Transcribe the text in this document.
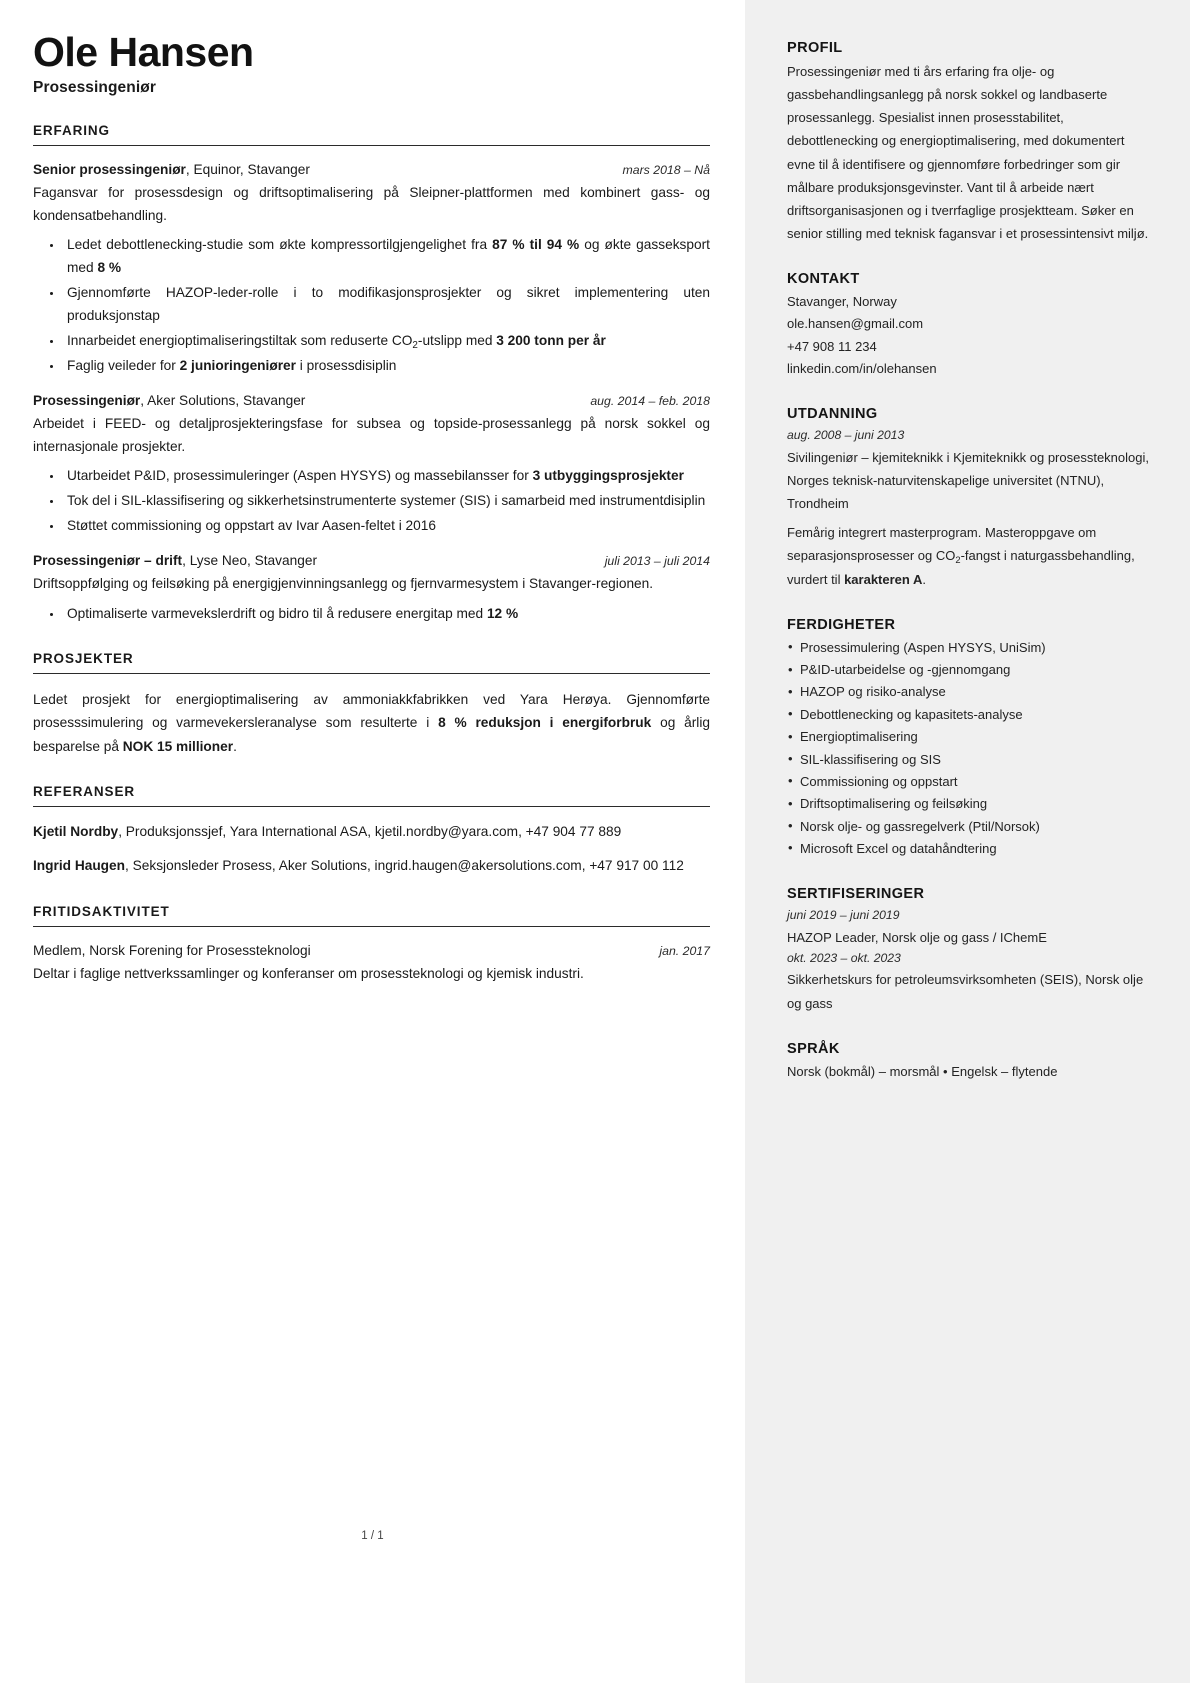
Ole Hansen
Prosessingeniør
ERFARING
Senior prosessingeniør, Equinor, Stavanger	mars 2018 – Nå
Fagansvar for prosessdesign og driftsoptimalisering på Sleipner-plattformen med kombinert gass- og kondensatbehandling.
• Ledet debottlenecking-studie som økte kompressortilgjengelighet fra 87 % til 94 % og økte gasseksport med 8 %
• Gjennomførte HAZOP-leder-rolle i to modifikasjonsprosjekter og sikret implementering uten produksjonstap
• Innarbeidet energioptimaliseringstiltak som reduserte $CO_2$-utslipp med 3 200 tonn per år
• Faglig veileder for 2 junioringeniører i prosessdisiplin
Prosessingeniør, Aker Solutions, Stavanger	aug. 2014 – feb. 2018
Arbeidet i FEED- og detaljprosjekteringsfase for subsea og topside-prosessanlegg på norsk sokkel og internasjonale prosjekter.
• Utarbeidet P&ID, prosessimuleringer (Aspen HYSYS) og massebilansser for 3 utbyggingsprosjekter
• Tok del i SIL-klassifisering og sikkerhetsinstrumenterte systemer (SIS) i samarbeid med instrumentdisiplin
• Støttet commissioning og oppstart av Ivar Aasen-feltet i 2016
Prosessingeniør – drift, Lyse Neo, Stavanger	juli 2013 – juli 2014
Driftsoppfølging og feilsøking på energigjenvinningsanlegg og fjernvarmesystem i Stavanger-regionen.
• Optimaliserte varmevekslerdrift og bidro til å redusere energitap med 12 %
PROSJEKTER
Ledet prosjekt for energioptimalisering av ammoniakkfabrikken ved Yara Herøya. Gjennomførte prosesssimulering og varmevekersleranalyse som resulterte i 8 % reduksjon i energiforbruk og årlig besparelse på NOK 15 millioner.
REFERANSER
Kjetil Nordby, Produksjonssjef, Yara International ASA, kjetil.nordby@yara.com, +47 904 77 889
Ingrid Haugen, Seksjonsleder Prosess, Aker Solutions, ingrid.haugen@akersolutions.com, +47 917 00 112
FRITIDSAKTIVITET
Medlem, Norsk Forening for Prosessteknologi	jan. 2017
Deltar i faglige nettverkssamlinger og konferanser om prosessteknologi og kjemisk industri.
1 / 1
PROFIL
Prosessingeniør med ti års erfaring fra olje- og gassbehandlingsanlegg på norsk sokkel og landbaserte prosessanlegg. Spesialist innen prosesstabilitet, debottlenecking og energioptimalisering, med dokumentert evne til å identifisere og gjennomføre forbedringer som gir målbare produksjonsgevinster. Vant til å arbeide nært driftsorganisasjonen og i tverrfaglige prosjektteam. Søker en senior stilling med teknisk fagansvar i et prosessintensivt miljø.
KONTAKT
Stavanger, Norway
ole.hansen@gmail.com
+47 908 11 234
linkedin.com/in/olehansen
UTDANNING
aug. 2008 – juni 2013
Sivilingeniør – kjemiteknikk i Kjemiteknikk og prosessteknologi, Norges teknisk-naturvitenskapelige universitet (NTNU), Trondheim
Femårig integrert masterprogram. Masteroppgave om separasjonsprosesser og $CO_2$-fangst i naturgassbehandling, vurdert til karakteren A.
FERDIGHETER
• Prosessimulering (Aspen HYSYS, UniSim)
• P&ID-utarbeidelse og -gjennomgang
• HAZOP og risiko-analyse
• Debottlenecking og kapasitets-analyse
• Energioptimalisering
• SIL-klassifisering og SIS
• Commissioning og oppstart
• Driftsoptimalisering og feilsøking
• Norsk olje- og gassregelverk (Ptil/Norsok)
• Microsoft Excel og datahåndtering
SERTIFISERINGER
juni 2019 – juni 2019
HAZOP Leader, Norsk olje og gass / IChemE
okt. 2023 – okt. 2023
Sikkerhetskurs for petroleumsvirksomheten (SEIS), Norsk olje og gass
SPRÅK
Norsk (bokmål) – morsmål • Engelsk – flytende
